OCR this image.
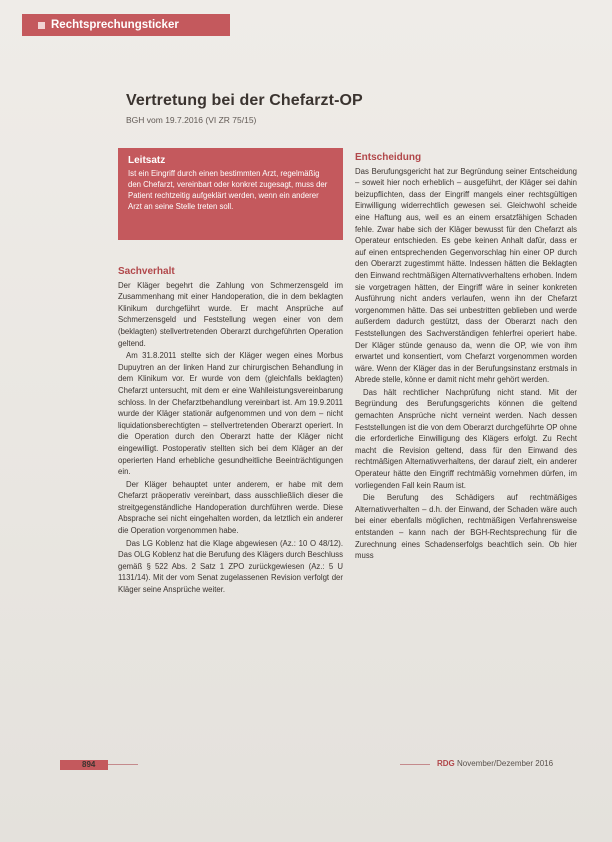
Rechtsprechungsticker
Vertretung bei der Chefarzt-OP
BGH vom 19.7.2016 (VI ZR 75/15)
Leitsatz

Ist ein Eingriff durch einen bestimmten Arzt, regelmäßig den Chefarzt, vereinbart oder konkret zugesagt, muss der Patient rechtzeitig aufgeklärt werden, wenn ein anderer Arzt an seine Stelle treten soll.

Sachverhalt

Der Kläger begehrt die Zahlung von Schmerzensgeld im Zusammenhang mit einer Handoperation, die in dem beklagten Klinikum durchgeführt wurde. Er macht Ansprüche auf Schmerzensgeld und Feststellung wegen einer von dem (beklagten) stellvertretenden Oberarzt durchgeführten Operation geltend.

Am 31.8.2011 stellte sich der Kläger wegen eines Morbus Dupuytren an der linken Hand zur chirurgischen Behandlung in dem Klinikum vor. Er wurde von dem (gleichfalls beklagten) Chefarzt untersucht, mit dem er eine Wahlleistungsvereinbarung schloss. In der Chefarztbehandlung vereinbart ist. Am 19.9.2011 wurde der Kläger stationär aufgenommen und von dem – nicht liquidationsberechtigten – stellvertretenden Oberarzt operiert. In die Operation durch den Oberarzt hatte der Kläger nicht eingewilligt. Postoperativ stellten sich bei dem Kläger an der operierten Hand erhebliche gesundheitliche Beeinträchtigungen ein.

Der Kläger behauptet unter anderem, er habe mit dem Chefarzt präoperativ vereinbart, dass ausschließlich dieser die streitgegenständliche Handoperation durchführen werde. Diese Absprache sei nicht eingehalten worden, da letztlich ein anderer die Operation vorgenommen habe.

Das LG Koblenz hat die Klage abgewiesen (Az.: 10 O 48/12). Das OLG Koblenz hat die Berufung des Klägers durch Beschluss gemäß § 522 Abs. 2 Satz 1 ZPO zurückgewiesen (Az.: 5 U 1131/14). Mit der vom Senat zugelassenen Revision verfolgt der Kläger seine Ansprüche weiter.

Entscheidung

Das Berufungsgericht hat zur Begründung seiner Entscheidung – soweit hier noch erheblich – ausgeführt, der Kläger sei dahin beizupflichten, dass der Eingriff mangels einer rechtsgültigen Einwilligung widerrechtlich gewesen sei. Gleichwohl scheide eine Haftung aus, weil es an einem ersatzfähigen Schaden fehle. Zwar habe sich der Kläger bewusst für den Chefarzt als Operateur entschieden. Es gebe keinen Anhalt dafür, dass er auf einen entsprechenden Gegenvorschlag hin einer OP durch den Oberarzt zugestimmt hätte. Indessen hätten die Beklagten den Einwand rechtmäßigen Alternativverhaltens erhoben. Indem sie vorgetragen hätten, der Eingriff wäre in seiner konkreten Ausführung nicht anders verlaufen, wenn ihn der Chefarzt vorgenommen hätte. Das sei unbestritten geblieben und werde außerdem dadurch gestützt, dass der Oberarzt nach den Feststellungen des Sachverständigen fehlerfrei operiert habe. Der Kläger stünde genauso da, wenn die OP, wie von ihm erwartet und konsentiert, vom Chefarzt vorgenommen worden wäre. Wenn der Kläger das in der Berufungsinstanz erstmals in Abrede stelle, könne er damit nicht mehr gehört werden.

Das hält rechtlicher Nachprüfung nicht stand. Mit der Begründung des Berufungsgerichts können die geltend gemachten Ansprüche nicht verneint werden. Nach dessen Feststellungen ist die von dem Oberarzt durchgeführte OP ohne die erforderliche Einwilligung des Klägers erfolgt. Zu Recht macht die Revision geltend, dass für den Einwand des rechtmäßigen Alternativverhaltens, der darauf zielt, ein anderer Operateur hätte den Eingriff rechtmäßig vornehmen dürfen, im vorliegenden Fall kein Raum ist.

Die Berufung des Schädigers auf rechtmäßiges Alternativverhalten – d.h. der Einwand, der Schaden wäre auch bei einer ebenfalls möglichen, rechtmäßigen Verfahrensweise entstanden – kann nach der BGH-Rechtsprechung für die Zurechnung eines Schadenserfolgs beachtlich sein. Ob hier muss

894	RDG November/Dezember 2016
